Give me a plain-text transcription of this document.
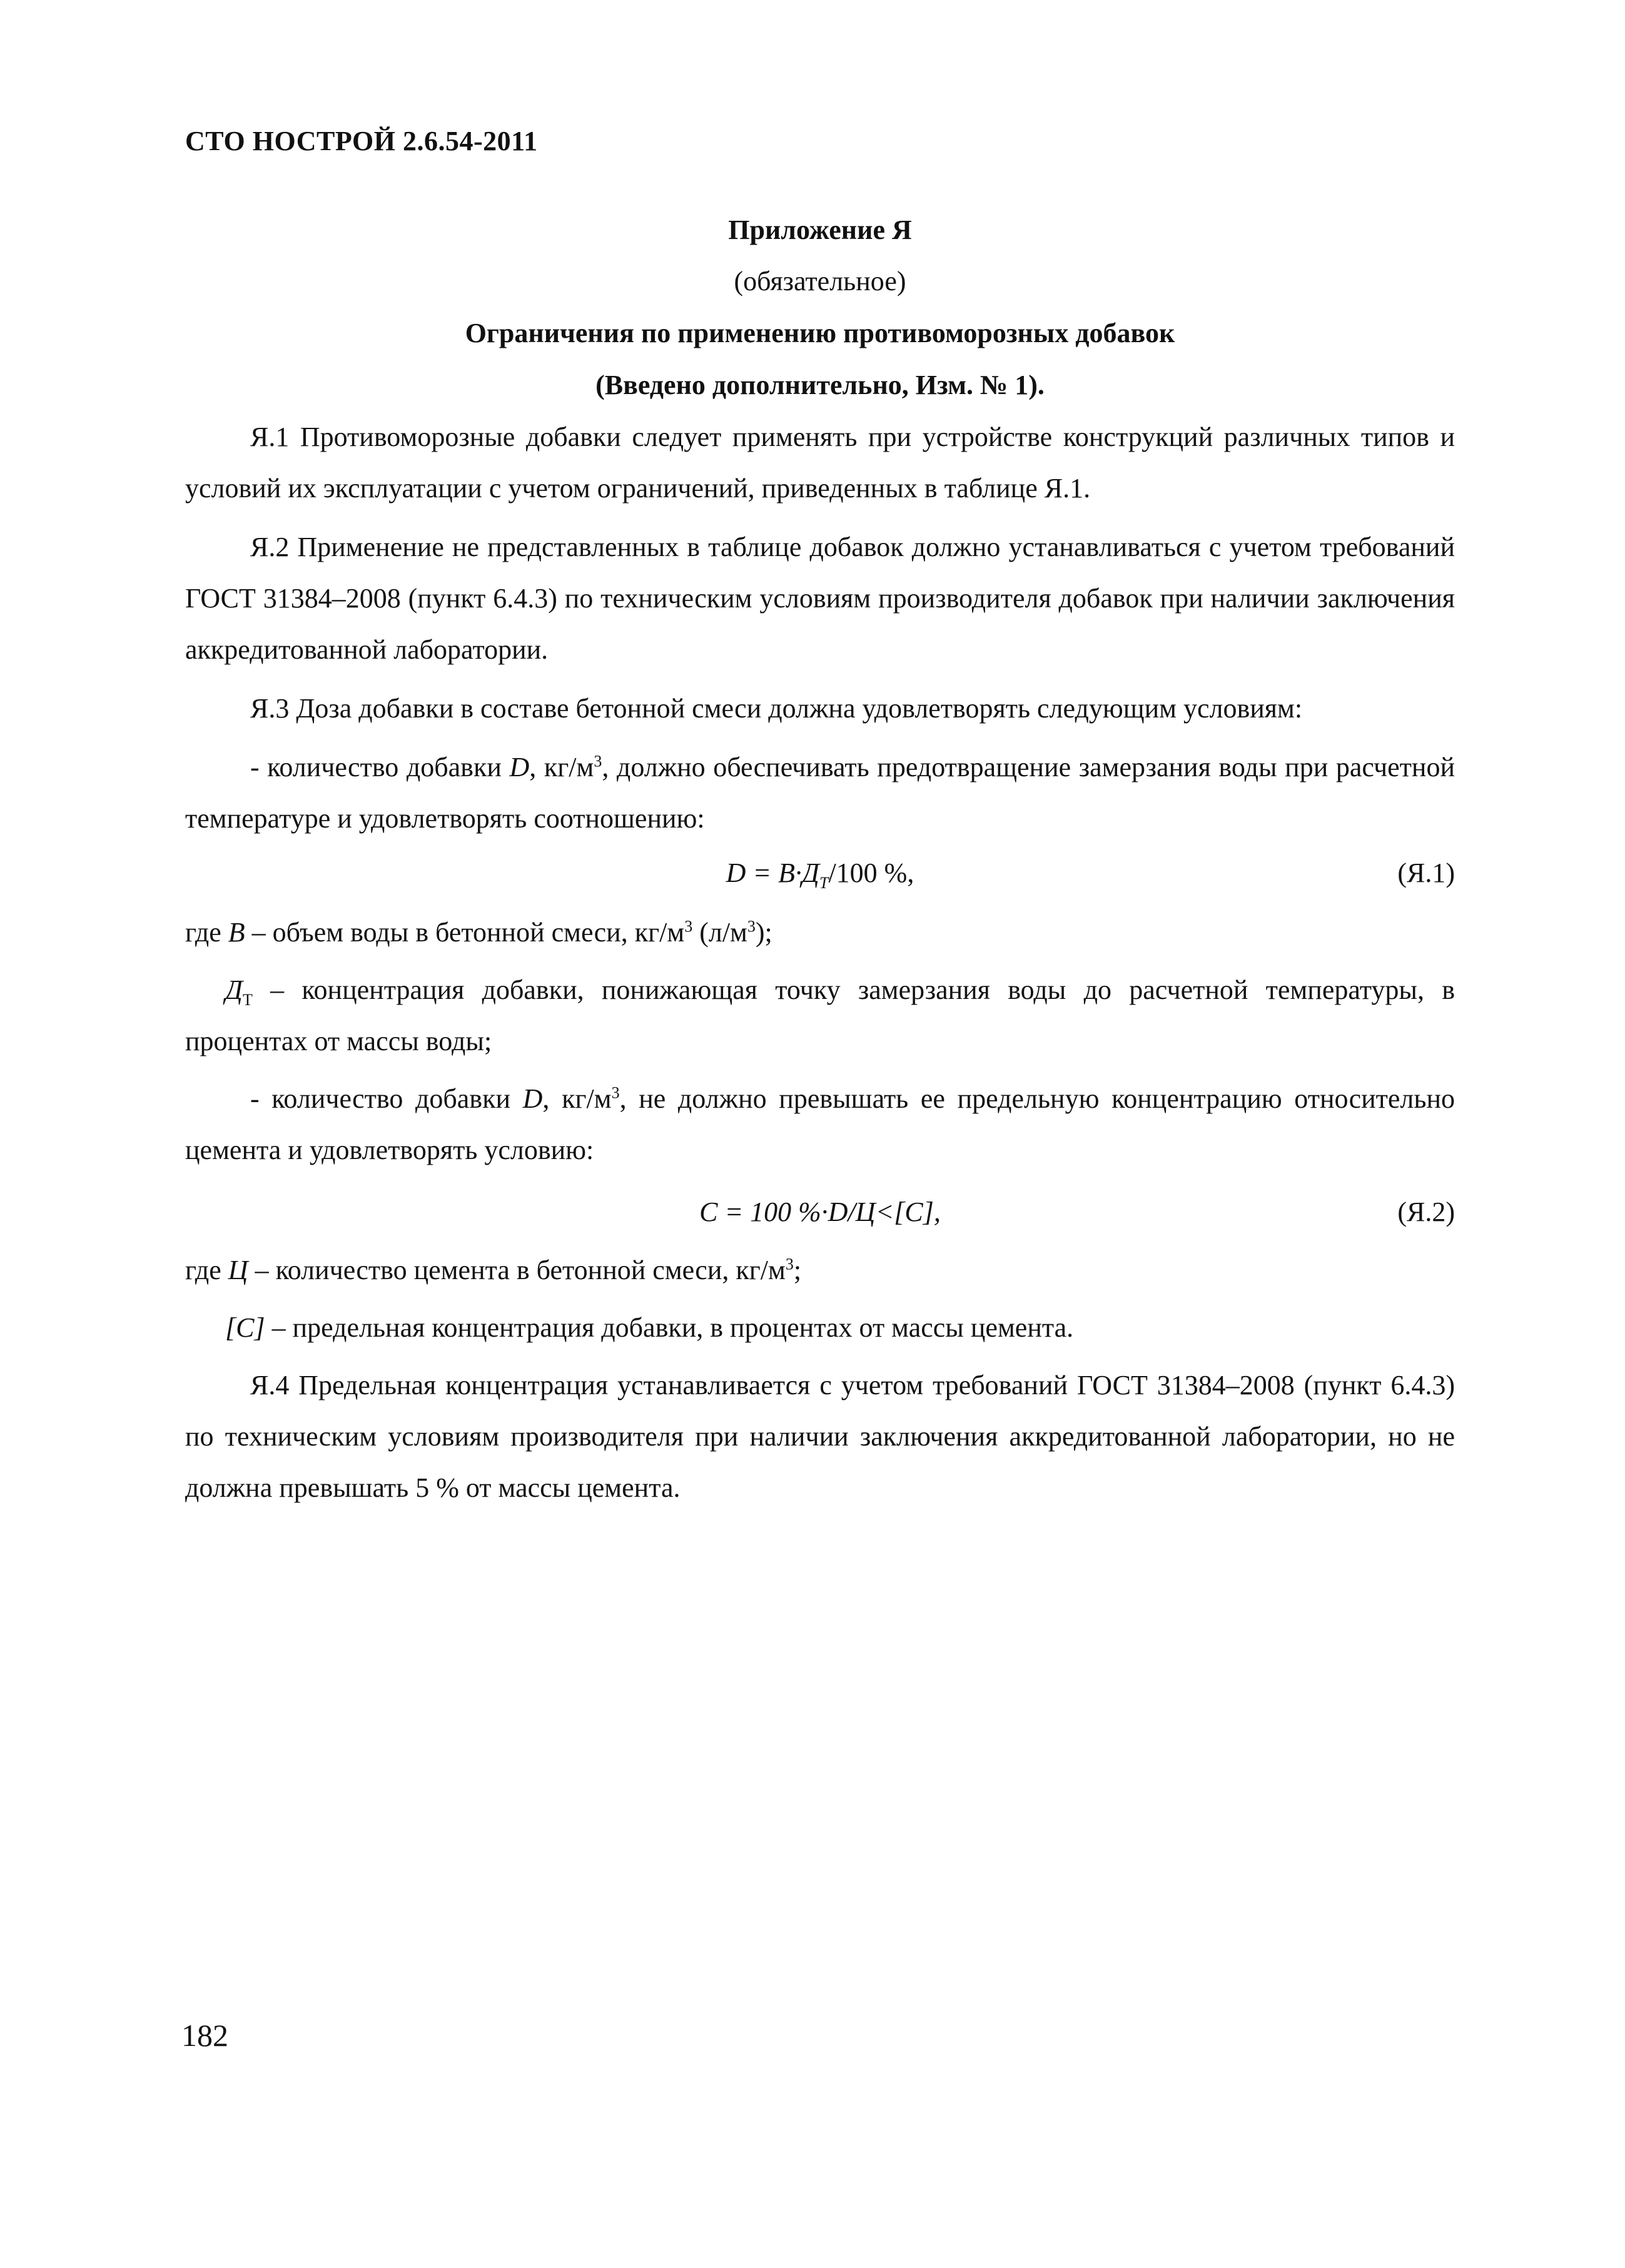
СТО НОСТРОЙ 2.6.54-2011
Приложение Я
(обязательное)
Ограничения по применению противоморозных добавок
(Введено дополнительно, Изм. № 1).

Я.1 Противоморозные добавки следует применять при устройстве конструкций различных типов и условий их эксплуатации с учетом ограничений, приведенных в таблице Я.1.

Я.2 Применение не представленных в таблице добавок должно устанавливаться с учетом требований ГОСТ 31384–2008 (пункт 6.4.3) по техническим условиям производителя добавок при наличии заключения аккредитованной лаборатории.

Я.3 Доза добавки в составе бетонной смеси должна удовлетворять следующим условиям:

- количество добавки D, $кг/м^3$, должно обеспечивать предотвращение замерзания воды при расчетной температуре и удовлетворять соотношению:

$D = B\cdot Д_Т/100$ %,	(Я.1)

где B – объем воды в бетонной смеси, $кг/м^3$ $(л/м^3)$;

$Д_Т$ – концентрация добавки, понижающая точку замерзания воды до расчетной температуры, в процентах от массы воды;

- количество добавки D, $кг/м^3$, не должно превышать ее предельную концентрацию относительно цемента и удовлетворять условию:

C = 100 %·D/Ц<[C],	(Я.2)

где Ц – количество цемента в бетонной смеси, $кг/м^3$;

[C] – предельная концентрация добавки, в процентах от массы цемента.

Я.4 Предельная концентрация устанавливается с учетом требований ГОСТ 31384–2008 (пункт 6.4.3) по техническим условиям производителя при наличии заключения аккредитованной лаборатории, но не должна превышать 5 % от массы цемента.

182
